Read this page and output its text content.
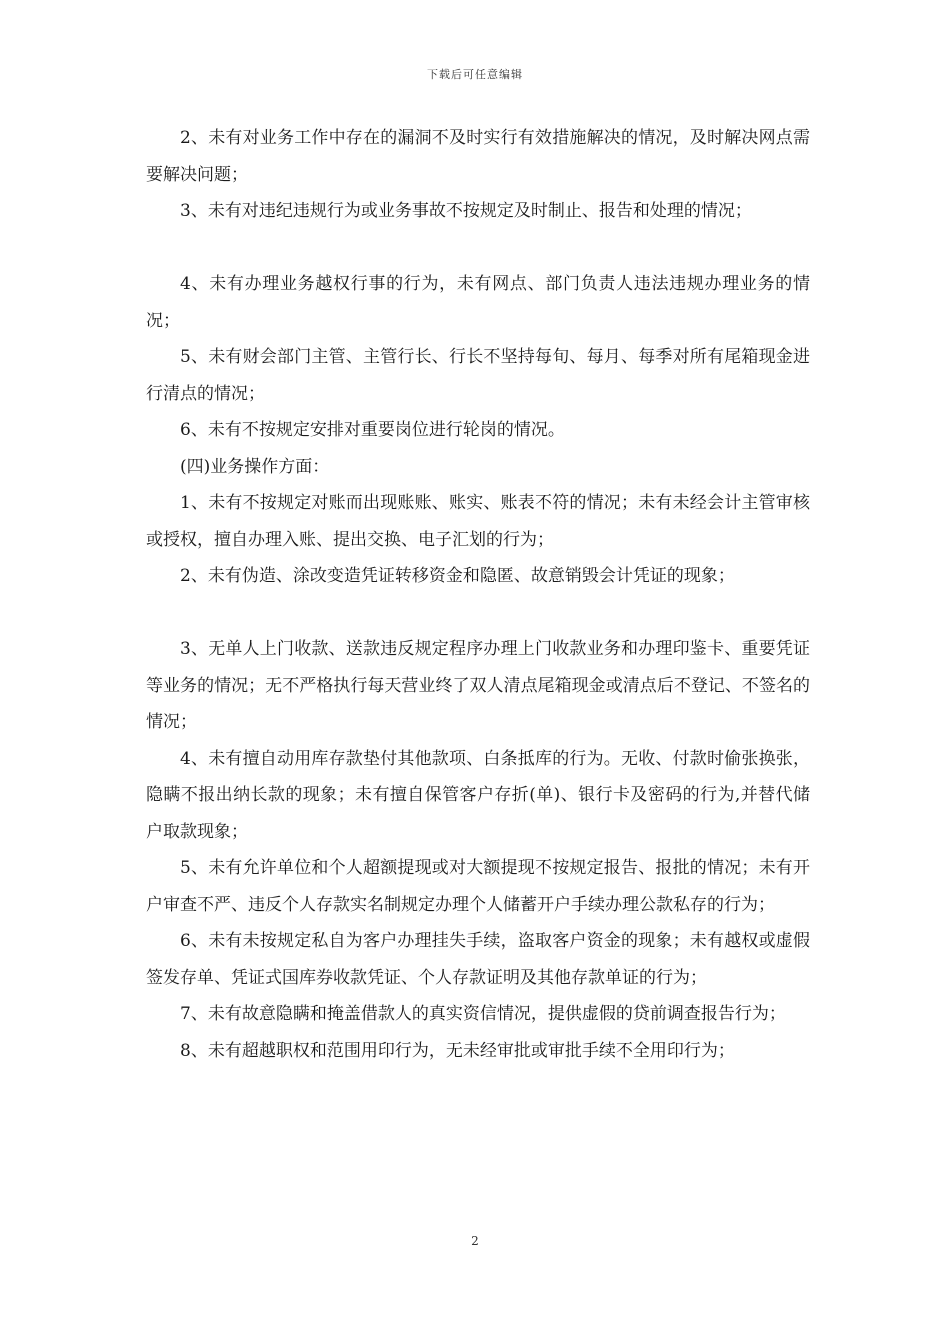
下载后可任意编辑

2、未有对业务工作中存在的漏洞不及时实行有效措施解决的情况，及时解决网点需要解决问题；

3、未有对违纪违规行为或业务事故不按规定及时制止、报告和处理的情况；

4、未有办理业务越权行事的行为，未有网点、部门负责人违法违规办理业务的情况；

5、未有财会部门主管、主管行长、行长不坚持每旬、每月、每季对所有尾箱现金进行清点的情况；

6、未有不按规定安排对重要岗位进行轮岗的情况。

(四)业务操作方面：

1、未有不按规定对账而出现账账、账实、账表不符的情况；未有未经会计主管审核或授权，擅自办理入账、提出交换、电子汇划的行为；

2、未有伪造、涂改变造凭证转移资金和隐匿、故意销毁会计凭证的现象；

3、无单人上门收款、送款违反规定程序办理上门收款业务和办理印鉴卡、重要凭证等业务的情况；无不严格执行每天营业终了双人清点尾箱现金或清点后不登记、不签名的情况；

4、未有擅自动用库存款垫付其他款项、白条抵库的行为。无收、付款时偷张换张，隐瞒不报出纳长款的现象；未有擅自保管客户存折(单)、银行卡及密码的行为,并替代储户取款现象；

5、未有允许单位和个人超额提现或对大额提现不按规定报告、报批的情况；未有开户审查不严、违反个人存款实名制规定办理个人储蓄开户手续办理公款私存的行为；

6、未有未按规定私自为客户办理挂失手续，盗取客户资金的现象；未有越权或虚假签发存单、凭证式国库券收款凭证、个人存款证明及其他存款单证的行为；

7、未有故意隐瞒和掩盖借款人的真实资信情况，提供虚假的贷前调查报告行为；

8、未有超越职权和范围用印行为，无未经审批或审批手续不全用印行为；

2
